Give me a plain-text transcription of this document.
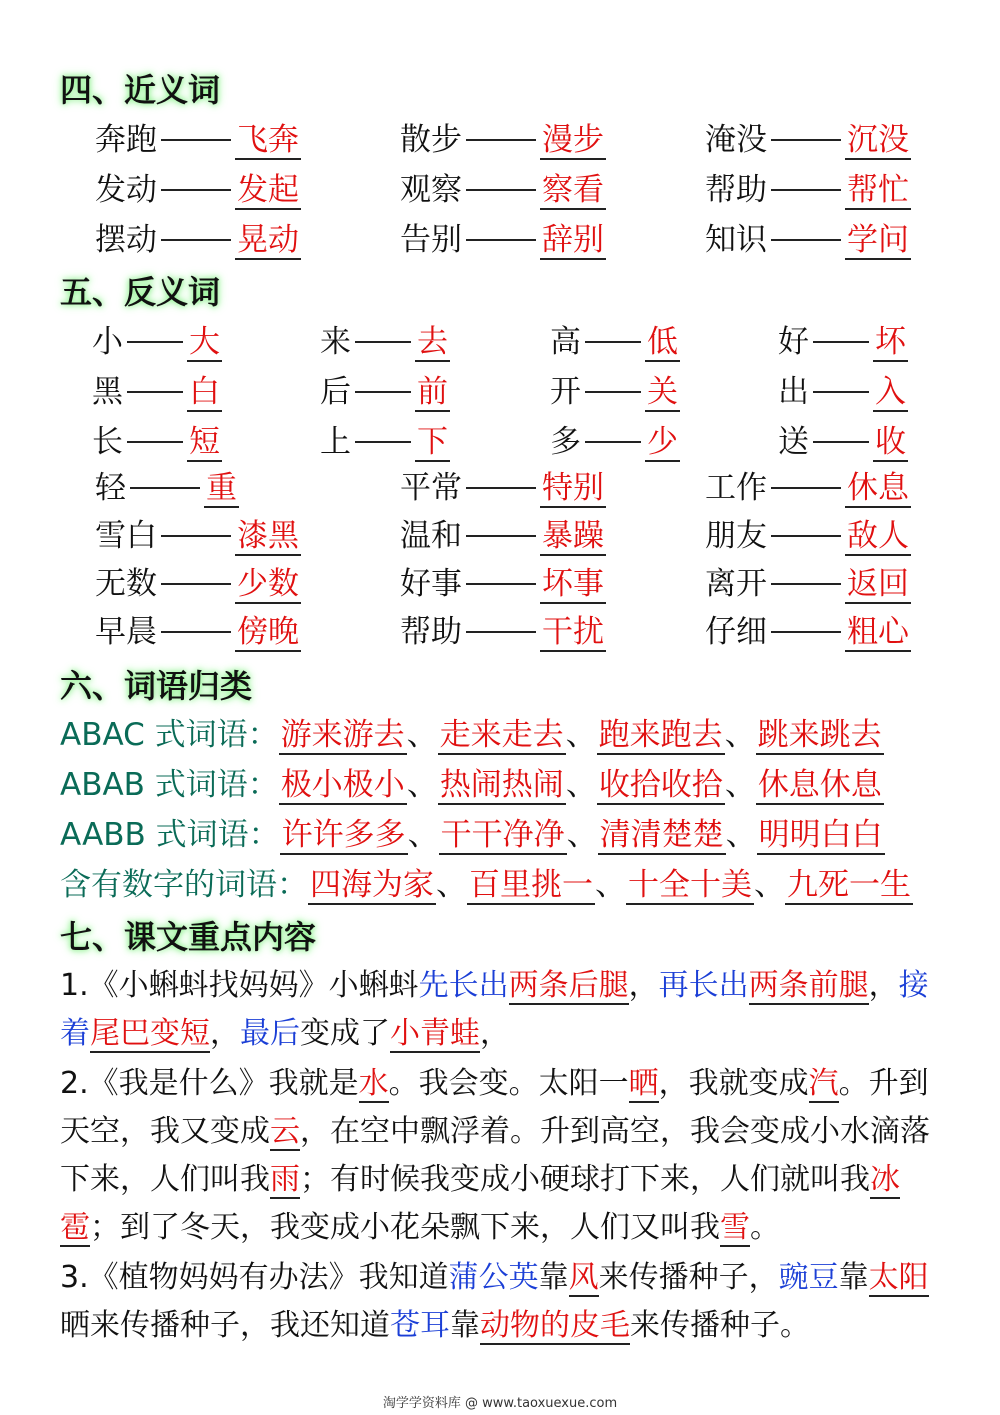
四、近义词
奔跑	飞奔	散步	漫步	淹没	沉没
发动	发起	观察	察看	帮助	帮忙
摆动	晃动	告别	辞别	知识	学问
五、反义词
小 大	来 去	高 低	好 坏
黑 白	后 前	开 关	出 入
长 短	上 下	多 少	送 收
轻	重	平常	特别	工作	休息
雪白	漆黑	温和	暴躁	朋友	敌人
无数	少数	好事	坏事	离开	返回
早晨	傍晚	帮助	干扰	仔细	粗心
六、词语归类
ABAC 式词语：游来游去、走来走去、跑来跑去、跳来跳去
ABAB 式词语：极小极小、热闹热闹、收拾收拾、休息休息
AABB 式词语：许许多多、干干净净、清清楚楚、明明白白
含有数字的词语：四海为家、百里挑一、十全十美、九死一生
七、课文重点内容
1.《小蝌蚪找妈妈》小蝌蚪先长出两条后腿，再长出两条前腿，接着尾巴变短，最后变成了小青蛙，
2.《我是什么》我就是水。我会变。太阳一晒，我就变成汽。升到天空，我又变成云，在空中飘浮着。升到高空，我会变成小水滴落下来，人们叫我雨；有时候我变成小硬球打下来，人们就叫我冰雹；到了冬天，我变成小花朵飘下来，人们又叫我雪。
3.《植物妈妈有办法》我知道蒲公英靠风来传播种子，豌豆靠太阳晒来传播种子，我还知道苍耳靠动物的皮毛来传播种子。
淘学学资料库 @ www.taoxuexue.com
